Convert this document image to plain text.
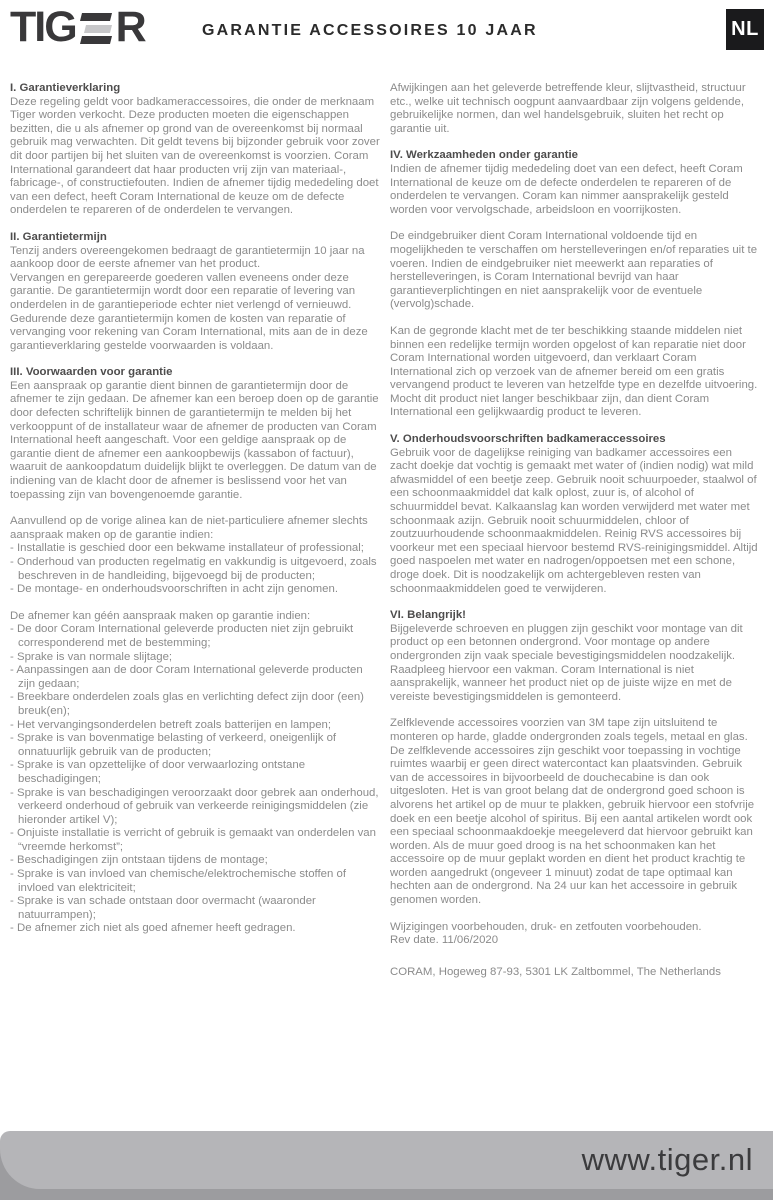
TIG R	GARANTIE ACCESSOIRES 10 JAAR	NL
I. Garantieverklaring

Deze regeling geldt voor badkameraccessoires, die onder de merknaam Tiger worden verkocht. Deze producten moeten die eigenschappen bezitten, die u als afnemer op grond van de overeenkomst bij normaal gebruik mag verwachten. Dit geldt tevens bij bijzonder gebruik voor zover dit door partijen bij het sluiten van de overeenkomst is voorzien. Coram International garandeert dat haar producten vrij zijn van materiaal-, fabricage-, of constructiefouten. Indien de afnemer tijdig mededeling doet van een defect, heeft Coram International de keuze om de defecte onderdelen te repareren of de onderdelen te vervangen.

II. Garantietermijn

Tenzij anders overeengekomen bedraagt de garantietermijn 10 jaar na aankoop door de eerste afnemer van het product.

Vervangen en gerepareerde goederen vallen eveneens onder deze garantie. De garantietermijn wordt door een reparatie of levering van onderdelen in de garantieperiode echter niet verlengd of vernieuwd.

Gedurende deze garantietermijn komen de kosten van reparatie of vervanging voor rekening van Coram International, mits aan de in deze garantieverklaring gestelde voorwaarden is voldaan.

III. Voorwaarden voor garantie

Een aanspraak op garantie dient binnen de garantietermijn door de afnemer te zijn gedaan. De afnemer kan een beroep doen op de garantie door defecten schriftelijk binnen de garantietermijn te melden bij het verkooppunt of de installateur waar de afnemer de producten van Coram International heeft aangeschaft. Voor een geldige aanspraak op de garantie dient de afnemer een aankoopbewijs (kassabon of factuur), waaruit de aankoopdatum duidelijk blijkt te overleggen. De datum van de indiening van de klacht door de afnemer is beslissend voor het van toepassing zijn van bovengenoemde garantie.

Aanvullend op de vorige alinea kan de niet-particuliere afnemer slechts aanspraak maken op de garantie indien:

- Installatie is geschied door een bekwame installateur of professional;
- Onderhoud van producten regelmatig en vakkundig is uitgevoerd, zoals beschreven in de handleiding, bijgevoegd bij de producten;
- De montage- en onderhoudsvoorschriften in acht zijn genomen.

De afnemer kan géén aanspraak maken op garantie indien:

- De door Coram International geleverde producten niet zijn gebruikt corresponderend met de bestemming;
- Sprake is van normale slijtage;
- Aanpassingen aan de door Coram International geleverde producten zijn gedaan;
- Breekbare onderdelen zoals glas en verlichting defect zijn door (een) breuk(en);
- Het vervangingsonderdelen betreft zoals batterijen en lampen;
- Sprake is van bovenmatige belasting of verkeerd, oneigenlijk of onnatuurlijk gebruik van de producten;
- Sprake is van opzettelijke of door verwaarlozing ontstane beschadigingen;
- Sprake is van beschadigingen veroorzaakt door gebrek aan onderhoud, verkeerd onderhoud of gebruik van verkeerde reinigingsmiddelen (zie hieronder artikel V);
- Onjuiste installatie is verricht of gebruik is gemaakt van onderdelen van “vreemde herkomst”;
- Beschadigingen zijn ontstaan tijdens de montage;
- Sprake is van invloed van chemische/elektrochemische stoffen of invloed van elektriciteit;
- Sprake is van schade ontstaan door overmacht (waaronder natuurrampen);
- De afnemer zich niet als goed afnemer heeft gedragen.

Afwijkingen aan het geleverde betreffende kleur, slijtvastheid, structuur etc., welke uit technisch oogpunt aanvaardbaar zijn volgens geldende, gebruikelijke normen, dan wel handelsgebruik, sluiten het recht op garantie uit.

IV. Werkzaamheden onder garantie

Indien de afnemer tijdig mededeling doet van een defect, heeft Coram International de keuze om de defecte onderdelen te repareren of de onderdelen te vervangen. Coram kan nimmer aansprakelijk gesteld worden voor vervolgschade, arbeidsloon en voorrijkosten.

De eindgebruiker dient Coram International voldoende tijd en mogelijkheden te verschaffen om herstelleveringen en/of reparaties uit te voeren. Indien de eindgebruiker niet meewerkt aan reparaties of herstelleveringen, is Coram International bevrijd van haar garantieverplichtingen en niet aansprakelijk voor de eventuele (vervolg)schade.

Kan de gegronde klacht met de ter beschikking staande middelen niet binnen een redelijke termijn worden opgelost of kan reparatie niet door Coram International worden uitgevoerd, dan verklaart Coram International zich op verzoek van de afnemer bereid om een gratis vervangend product te leveren van hetzelfde type en dezelfde uitvoering. Mocht dit product niet langer beschikbaar zijn, dan dient Coram International een gelijkwaardig product te leveren.

V. Onderhoudsvoorschriften badkameraccessoires

Gebruik voor de dagelijkse reiniging van badkamer accessoires een zacht doekje dat vochtig is gemaakt met water of (indien nodig) wat mild afwasmiddel of een beetje zeep. Gebruik nooit schuurpoeder, staalwol of een schoonmaakmiddel dat kalk oplost, zuur is, of alcohol of schuurmiddel bevat. Kalkaanslag kan worden verwijderd met water met schoonmaak azijn. Gebruik nooit schuurmiddelen, chloor of zoutzuurhoudende schoonmaakmiddelen. Reinig RVS accessoires bij voorkeur met een speciaal hiervoor bestemd RVS-reinigingsmiddel. Altijd goed naspoelen met water en nadrogen/oppoetsen met een schone, droge doek. Dit is noodzakelijk om achtergebleven resten van schoonmaakmiddelen goed te verwijderen.

VI. Belangrijk!

Bijgeleverde schroeven en pluggen zijn geschikt voor montage van dit product op een betonnen ondergrond. Voor montage op andere ondergronden zijn vaak speciale bevestigingsmiddelen noodzakelijk. Raadpleeg hiervoor een vakman. Coram International is niet aansprakelijk, wanneer het product niet op de juiste wijze en met de vereiste bevestigingsmiddelen is gemonteerd.

Zelfklevende accessoires voorzien van 3M tape zijn uitsluitend te monteren op harde, gladde ondergronden zoals tegels, metaal en glas. De zelfklevende accessoires zijn geschikt voor toepassing in vochtige ruimtes waarbij er geen direct watercontact kan plaatsvinden. Gebruik van de accessoires in bijvoorbeeld de douchecabine is dan ook uitgesloten. Het is van groot belang dat de ondergrond goed schoon is alvorens het artikel op de muur te plakken, gebruik hiervoor een stofvrije doek en een beetje alcohol of spiritus. Bij een aantal artikelen wordt ook een speciaal schoonmaakdoekje meegeleverd dat hiervoor gebruikt kan worden. Als de muur goed droog is na het schoonmaken kan het accessoire op de muur geplakt worden en dient het product krachtig te worden aangedrukt (ongeveer 1 minuut) zodat de tape optimaal kan hechten aan de ondergrond. Na 24 uur kan het accessoire in gebruik genomen worden.

Wijzigingen voorbehouden, druk- en zetfouten voorbehouden.

Rev date. 11/06/2020

CORAM, Hogeweg 87-93, 5301 LK Zaltbommel, The Netherlands
www.tiger.nl
